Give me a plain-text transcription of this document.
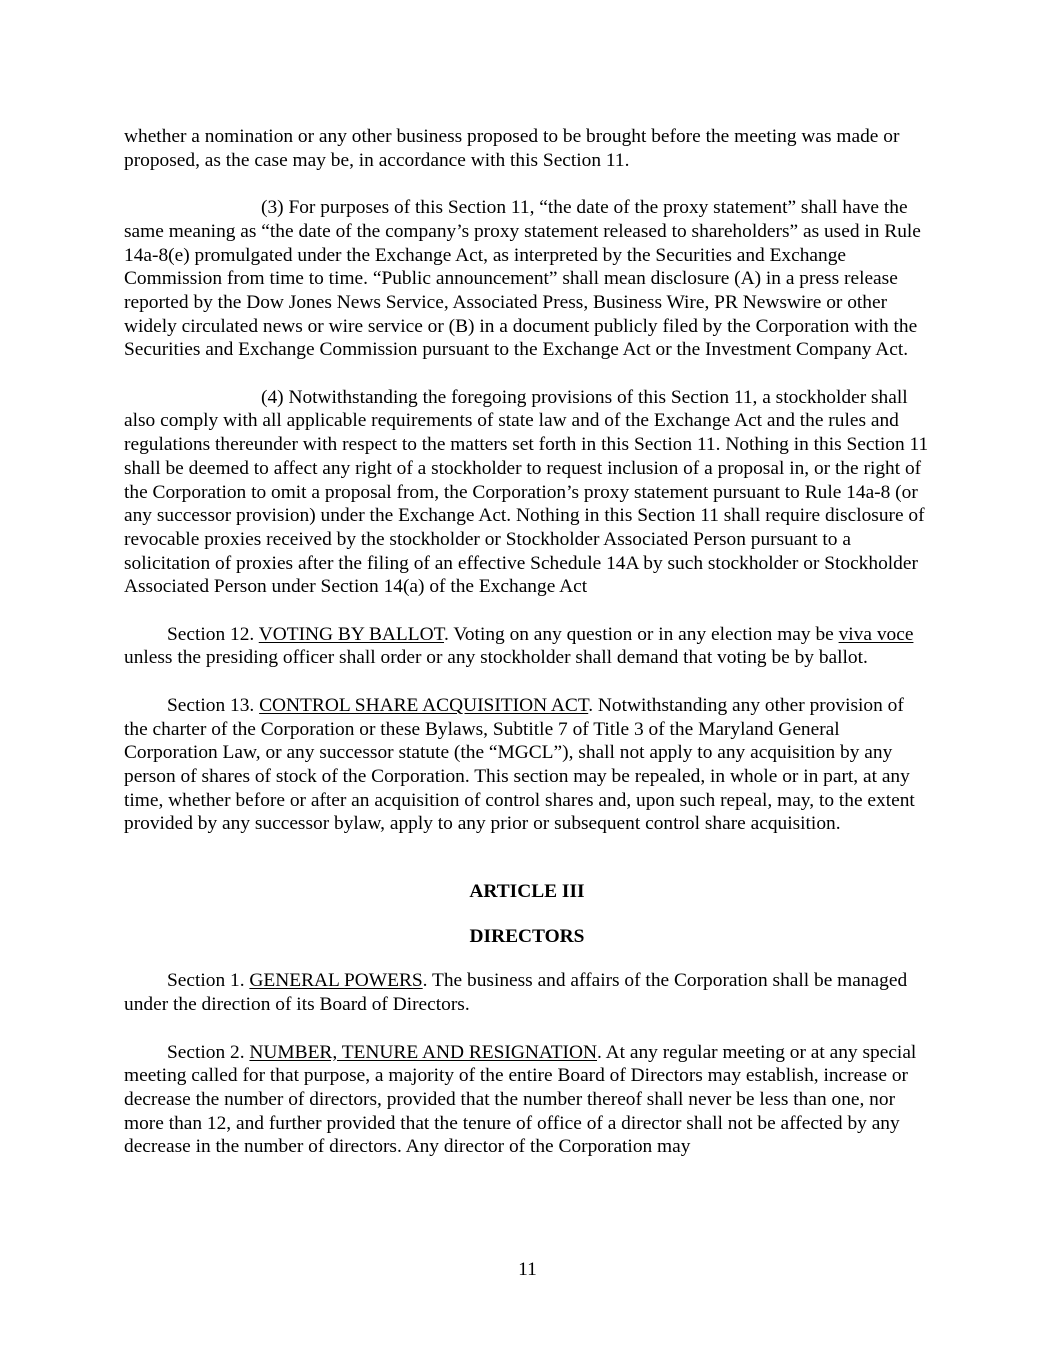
whether a nomination or any other business proposed to be brought before the meeting was made or proposed, as the case may be, in accordance with this Section 11.

(3) For purposes of this Section 11, “the date of the proxy statement” shall have the same meaning as “the date of the company’s proxy statement released to shareholders” as used in Rule 14a-8(e) promulgated under the Exchange Act, as interpreted by the Securities and Exchange Commission from time to time. “Public announcement” shall mean disclosure (A) in a press release reported by the Dow Jones News Service, Associated Press, Business Wire, PR Newswire or other widely circulated news or wire service or (B) in a document publicly filed by the Corporation with the Securities and Exchange Commission pursuant to the Exchange Act or the Investment Company Act.

(4) Notwithstanding the foregoing provisions of this Section 11, a stockholder shall also comply with all applicable requirements of state law and of the Exchange Act and the rules and regulations thereunder with respect to the matters set forth in this Section 11. Nothing in this Section 11 shall be deemed to affect any right of a stockholder to request inclusion of a proposal in, or the right of the Corporation to omit a proposal from, the Corporation’s proxy statement pursuant to Rule 14a-8 (or any successor provision) under the Exchange Act. Nothing in this Section 11 shall require disclosure of revocable proxies received by the stockholder or Stockholder Associated Person pursuant to a solicitation of proxies after the filing of an effective Schedule 14A by such stockholder or Stockholder Associated Person under Section 14(a) of the Exchange Act

Section 12. VOTING BY BALLOT. Voting on any question or in any election may be viva voce unless the presiding officer shall order or any stockholder shall demand that voting be by ballot.

Section 13. CONTROL SHARE ACQUISITION ACT. Notwithstanding any other provision of the charter of the Corporation or these Bylaws, Subtitle 7 of Title 3 of the Maryland General Corporation Law, or any successor statute (the “MGCL”), shall not apply to any acquisition by any person of shares of stock of the Corporation. This section may be repealed, in whole or in part, at any time, whether before or after an acquisition of control shares and, upon such repeal, may, to the extent provided by any successor bylaw, apply to any prior or subsequent control share acquisition.

ARTICLE III

DIRECTORS

Section 1. GENERAL POWERS. The business and affairs of the Corporation shall be managed under the direction of its Board of Directors.

Section 2. NUMBER, TENURE AND RESIGNATION. At any regular meeting or at any special meeting called for that purpose, a majority of the entire Board of Directors may establish, increase or decrease the number of directors, provided that the number thereof shall never be less than one, nor more than 12, and further provided that the tenure of office of a director shall not be affected by any decrease in the number of directors. Any director of the Corporation may

11
